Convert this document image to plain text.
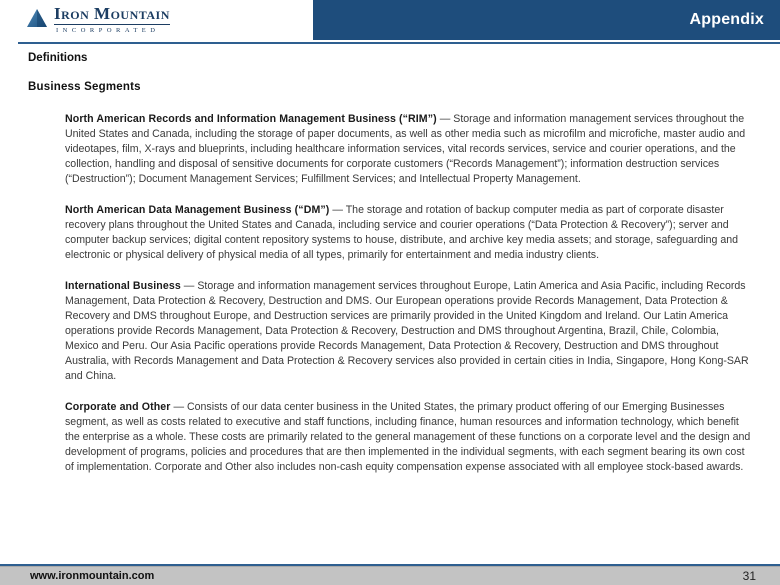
Iron Mountain
INCORPORATED
Appendix
Definitions
Business Segments

North American Records and Information Management Business (“RIM”) — Storage and information management services throughout the United States and Canada, including the storage of paper documents, as well as other media such as microfilm and microfiche, master audio and videotapes, film, X-rays and blueprints, including healthcare information services, vital records services, service and courier operations, and the collection, handling and disposal of sensitive documents for corporate customers (“Records Management”); information destruction services (“Destruction”); Document Management Services; Fulfillment Services; and Intellectual Property Management.

North American Data Management Business (“DM”) — The storage and rotation of backup computer media as part of corporate disaster recovery plans throughout the United States and Canada, including service and courier operations (“Data Protection & Recovery”); server and computer backup services; digital content repository systems to house, distribute, and archive key media assets; and storage, safeguarding and electronic or physical delivery of physical media of all types, primarily for entertainment and media industry clients.

International Business — Storage and information management services throughout Europe, Latin America and Asia Pacific, including Records Management, Data Protection & Recovery, Destruction and DMS. Our European operations provide Records Management, Data Protection & Recovery and DMS throughout Europe, and Destruction services are primarily provided in the United Kingdom and Ireland. Our Latin America operations provide Records Management, Data Protection & Recovery, Destruction and DMS throughout Argentina, Brazil, Chile, Colombia, Mexico and Peru. Our Asia Pacific operations provide Records Management, Data Protection & Recovery, Destruction and DMS throughout Australia, with Records Management and Data Protection & Recovery services also provided in certain cities in India, Singapore, Hong Kong-SAR and China.

Corporate and Other — Consists of our data center business in the United States, the primary product offering of our Emerging Businesses segment, as well as costs related to executive and staff functions, including finance, human resources and information technology, which benefit the enterprise as a whole. These costs are primarily related to the general management of these functions on a corporate level and the design and development of programs, policies and procedures that are then implemented in the individual segments, with each segment bearing its own cost of implementation. Corporate and Other also includes non-cash equity compensation expense associated with all employee stock-based awards.

www.ironmountain.com	31
